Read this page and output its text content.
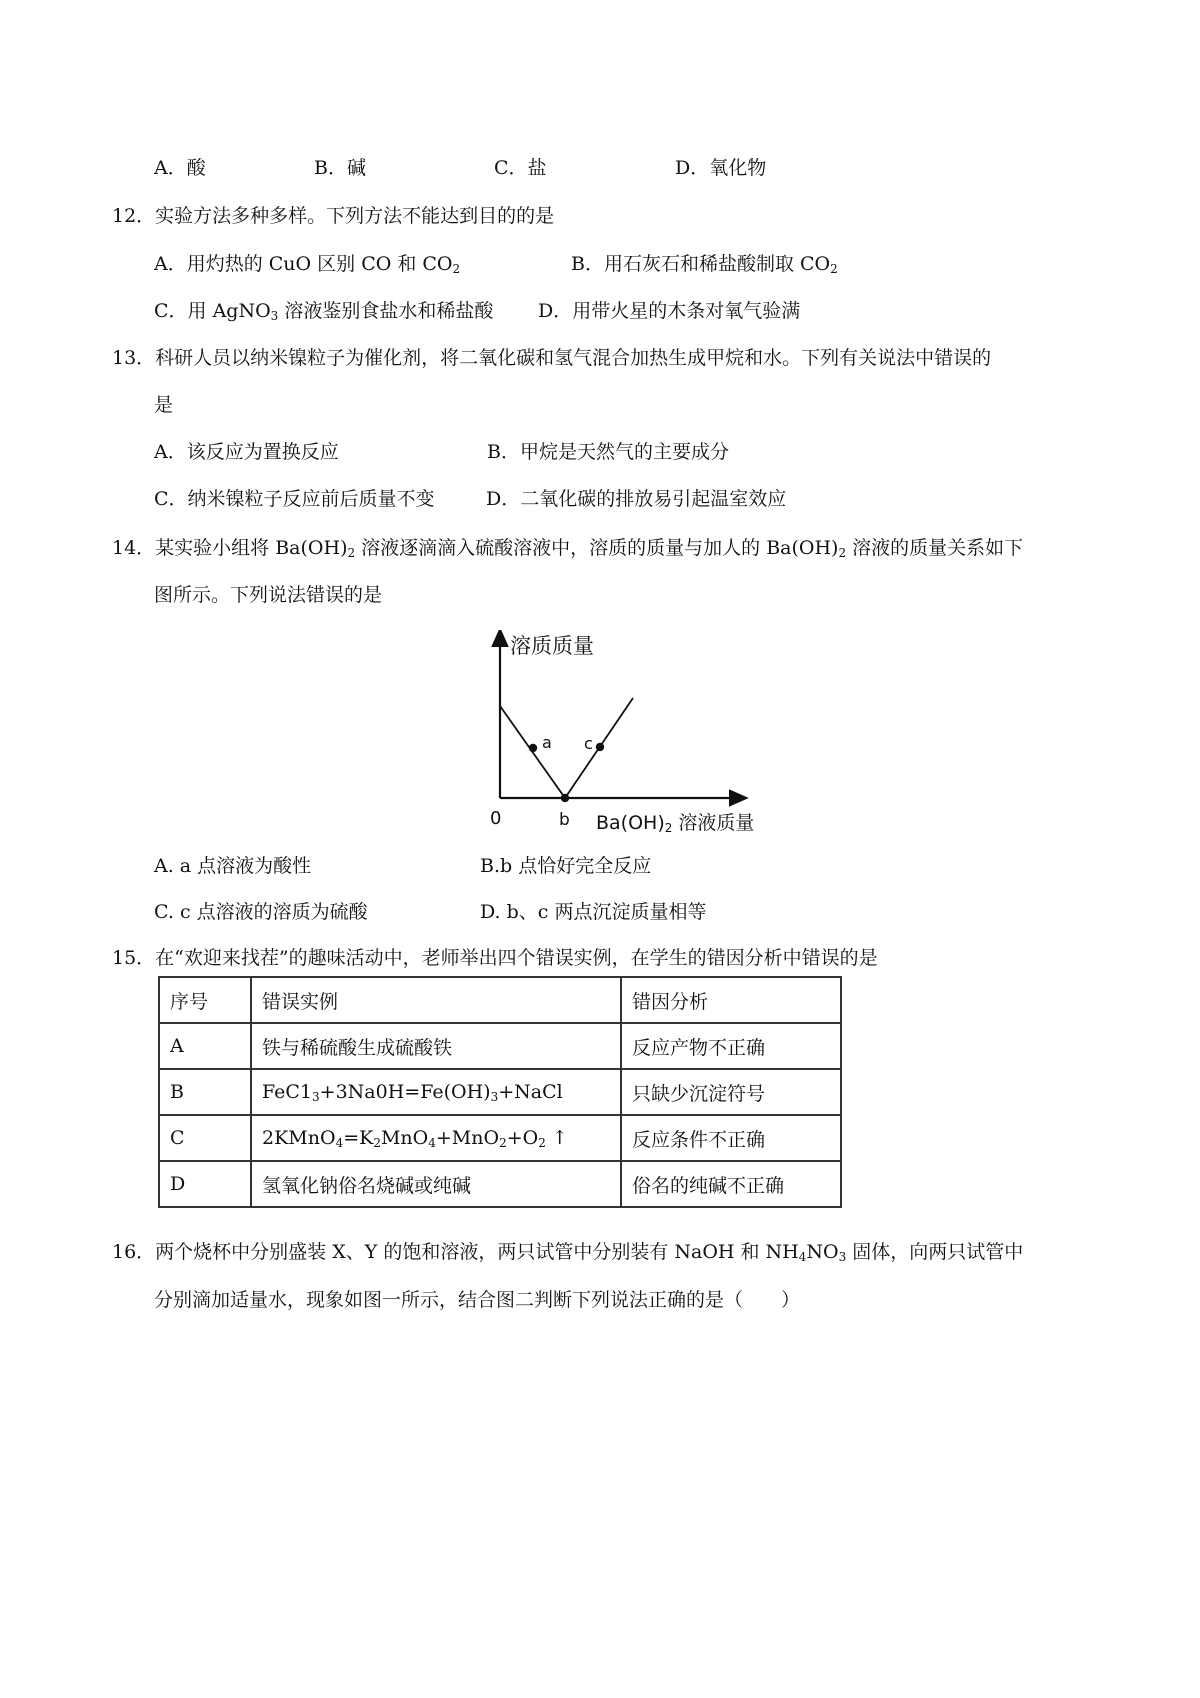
A．酸	B．碱	C．盐	D．氧化物
12．实验方法多种多样。下列方法不能达到目的的是
A．用灼热的 CuO 区别 CO 和 $CO_2$	B．用石灰石和稀盐酸制取 $CO_2$
C．用 AgNO$_3$ 溶液鉴别食盐水和稀盐酸 D．用带火星的木条对氧气验满
13．科研人员以纳米镍粒子为催化剂，将二氧化碳和氢气混合加热生成甲烷和水。下列有关说法中错误的
是
A．该反应为置换反应	B．甲烷是天然气的主要成分
C．纳米镍粒子反应前后质量不变	D．二氧化碳的排放易引起温室效应
14．某实验小组将 $Ba(OH)_2$ 溶液逐滴滴入硫酸溶液中，溶质的质量与加人的 $Ba(OH)_2$ 溶液的质量关系如下
图所示。下列说法错误的是
溶质质量
0
a
b
c
$Ba(OH)_2$ 溶液质量
A. a 点溶液为酸性	B.b 点恰好完全反应
C. c 点溶液的溶质为硫酸	D. b、c 两点沉淀质量相等
15．在“欢迎来找茬”的趣味活动中，老师举出四个错误实例，在学生的错因分析中错误的是
序号	错误实例	错因分析
A	铁与稀硫酸生成硫酸铁	反应产物不正确
B	$FeC1_3+3Na0H=Fe(OH)_3+NaCl$	只缺少沉淀符号
C	$2KMnO_4=K_2MnO_4+MnO_2+O_2$ ↑	反应条件不正确
D	氢氧化钠俗名烧碱或纯碱	俗名的纯碱不正确
16．两个烧杯中分别盛装 X、Y 的饱和溶液，两只试管中分别装有 NaOH 和 $NH_4NO_3$ 固体，向两只试管中
分别滴加适量水，现象如图一所示，结合图二判断下列说法正确的是（　　）
